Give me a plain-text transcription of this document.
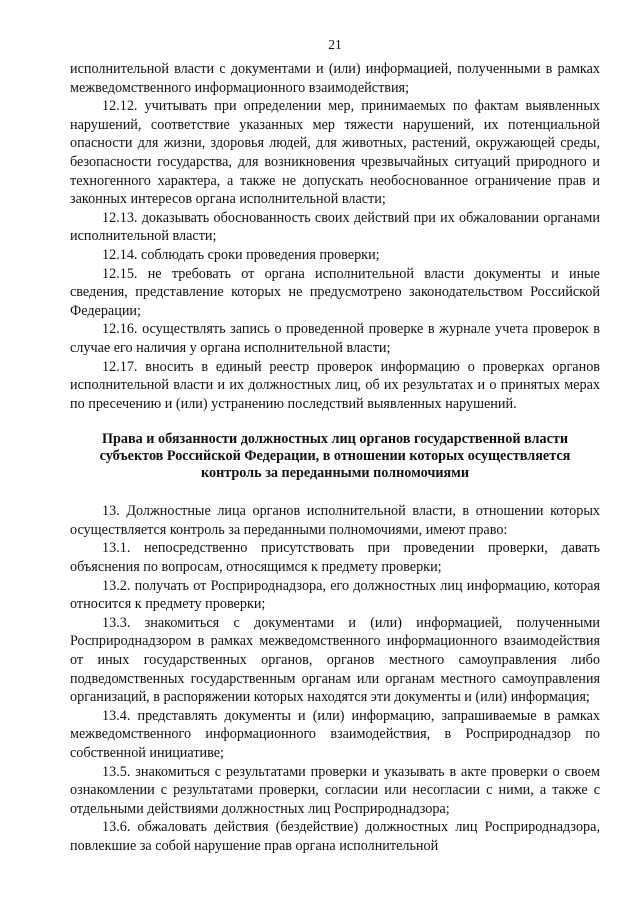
21

исполнительной власти с документами и (или) информацией, полученными в рамках межведомственного информационного взаимодействия;

12.12. учитывать при определении мер, принимаемых по фактам выявленных нарушений, соответствие указанных мер тяжести нарушений, их потенциальной опасности для жизни, здоровья людей, для животных, растений, окружающей среды, безопасности государства, для возникновения чрезвычайных ситуаций природного и техногенного характера, а также не допускать необоснованное ограничение прав и законных интересов органа исполнительной власти;

12.13. доказывать обоснованность своих действий при их обжаловании органами исполнительной власти;

12.14. соблюдать сроки проведения проверки;

12.15. не требовать от органа исполнительной власти документы и иные сведения, представление которых не предусмотрено законодательством Российской Федерации;

12.16. осуществлять запись о проведенной проверке в журнале учета проверок в случае его наличия у органа исполнительной власти;

12.17. вносить в единый реестр проверок информацию о проверках органов исполнительной власти и их должностных лиц, об их результатах и о принятых мерах по пресечению и (или) устранению последствий выявленных нарушений.

Права и обязанности должностных лиц органов государственной власти субъектов Российской Федерации, в отношении которых осуществляется контроль за переданными полномочиями

13. Должностные лица органов исполнительной власти, в отношении которых осуществляется контроль за переданными полномочиями, имеют право:

13.1. непосредственно присутствовать при проведении проверки, давать объяснения по вопросам, относящимся к предмету проверки;

13.2. получать от Росприроднадзора, его должностных лиц информацию, которая относится к предмету проверки;

13.3. знакомиться с документами и (или) информацией, полученными Росприроднадзором в рамках межведомственного информационного взаимодействия от иных государственных органов, органов местного самоуправления либо подведомственных государственным органам или органам местного самоуправления организаций, в распоряжении которых находятся эти документы и (или) информация;

13.4. представлять документы и (или) информацию, запрашиваемые в рамках межведомственного информационного взаимодействия, в Росприроднадзор по собственной инициативе;

13.5. знакомиться с результатами проверки и указывать в акте проверки о своем ознакомлении с результатами проверки, согласии или несогласии с ними, а также с отдельными действиями должностных лиц Росприроднадзора;

13.6. обжаловать действия (бездействие) должностных лиц Росприроднадзора, повлекшие за собой нарушение прав органа исполнительной
